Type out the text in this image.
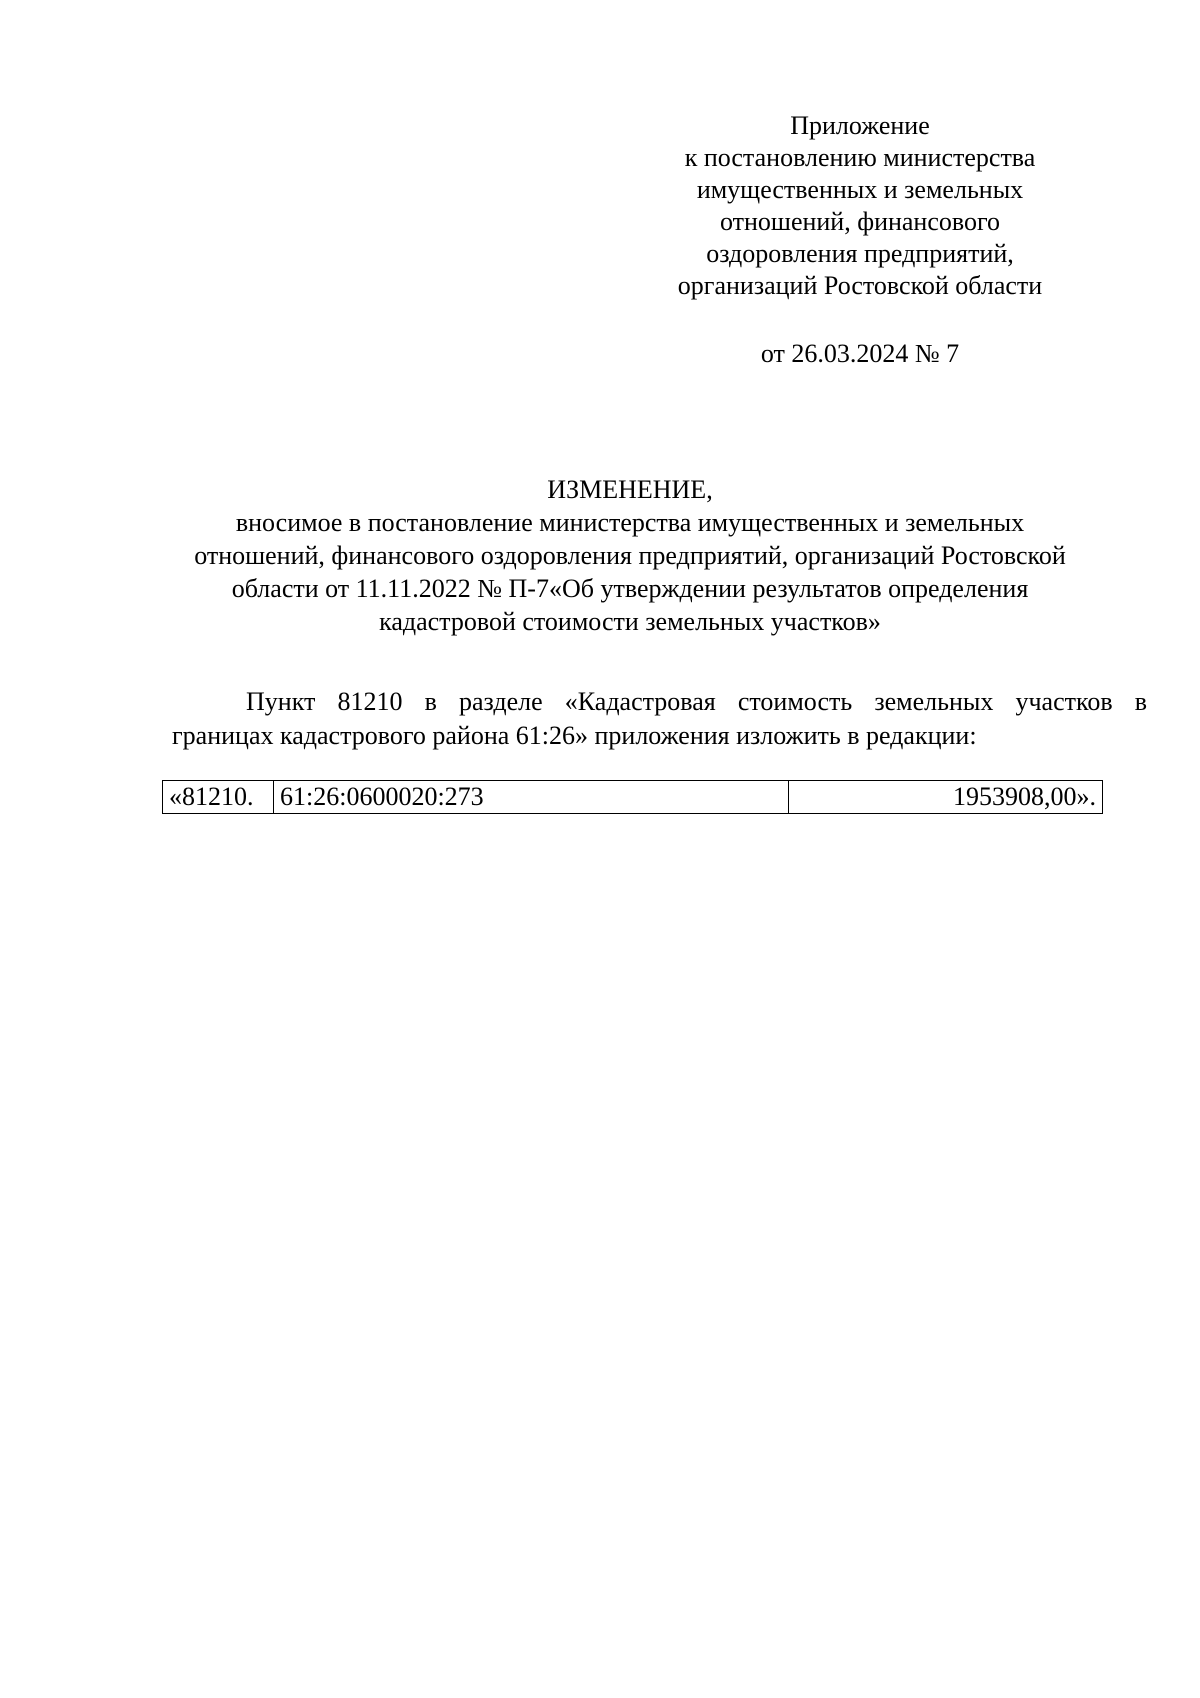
Приложение
к постановлению министерства
имущественных и земельных
отношений, финансового
оздоровления предприятий,
организаций Ростовской области
от 26.03.2024 № 7
ИЗМЕНЕНИЕ,
вносимое в постановление министерства имущественных и земельных
отношений, финансового оздоровления предприятий, организаций Ростовской
области от 11.11.2022 № П-7«Об утверждении результатов определения
кадастровой стоимости земельных участков»
Пункт 81210 в разделе «Кадастровая стоимость земельных участков в
границах кадастрового района 61:26» приложения изложить в редакции:
«81210.	61:26:0600020:273	1953908,00».
